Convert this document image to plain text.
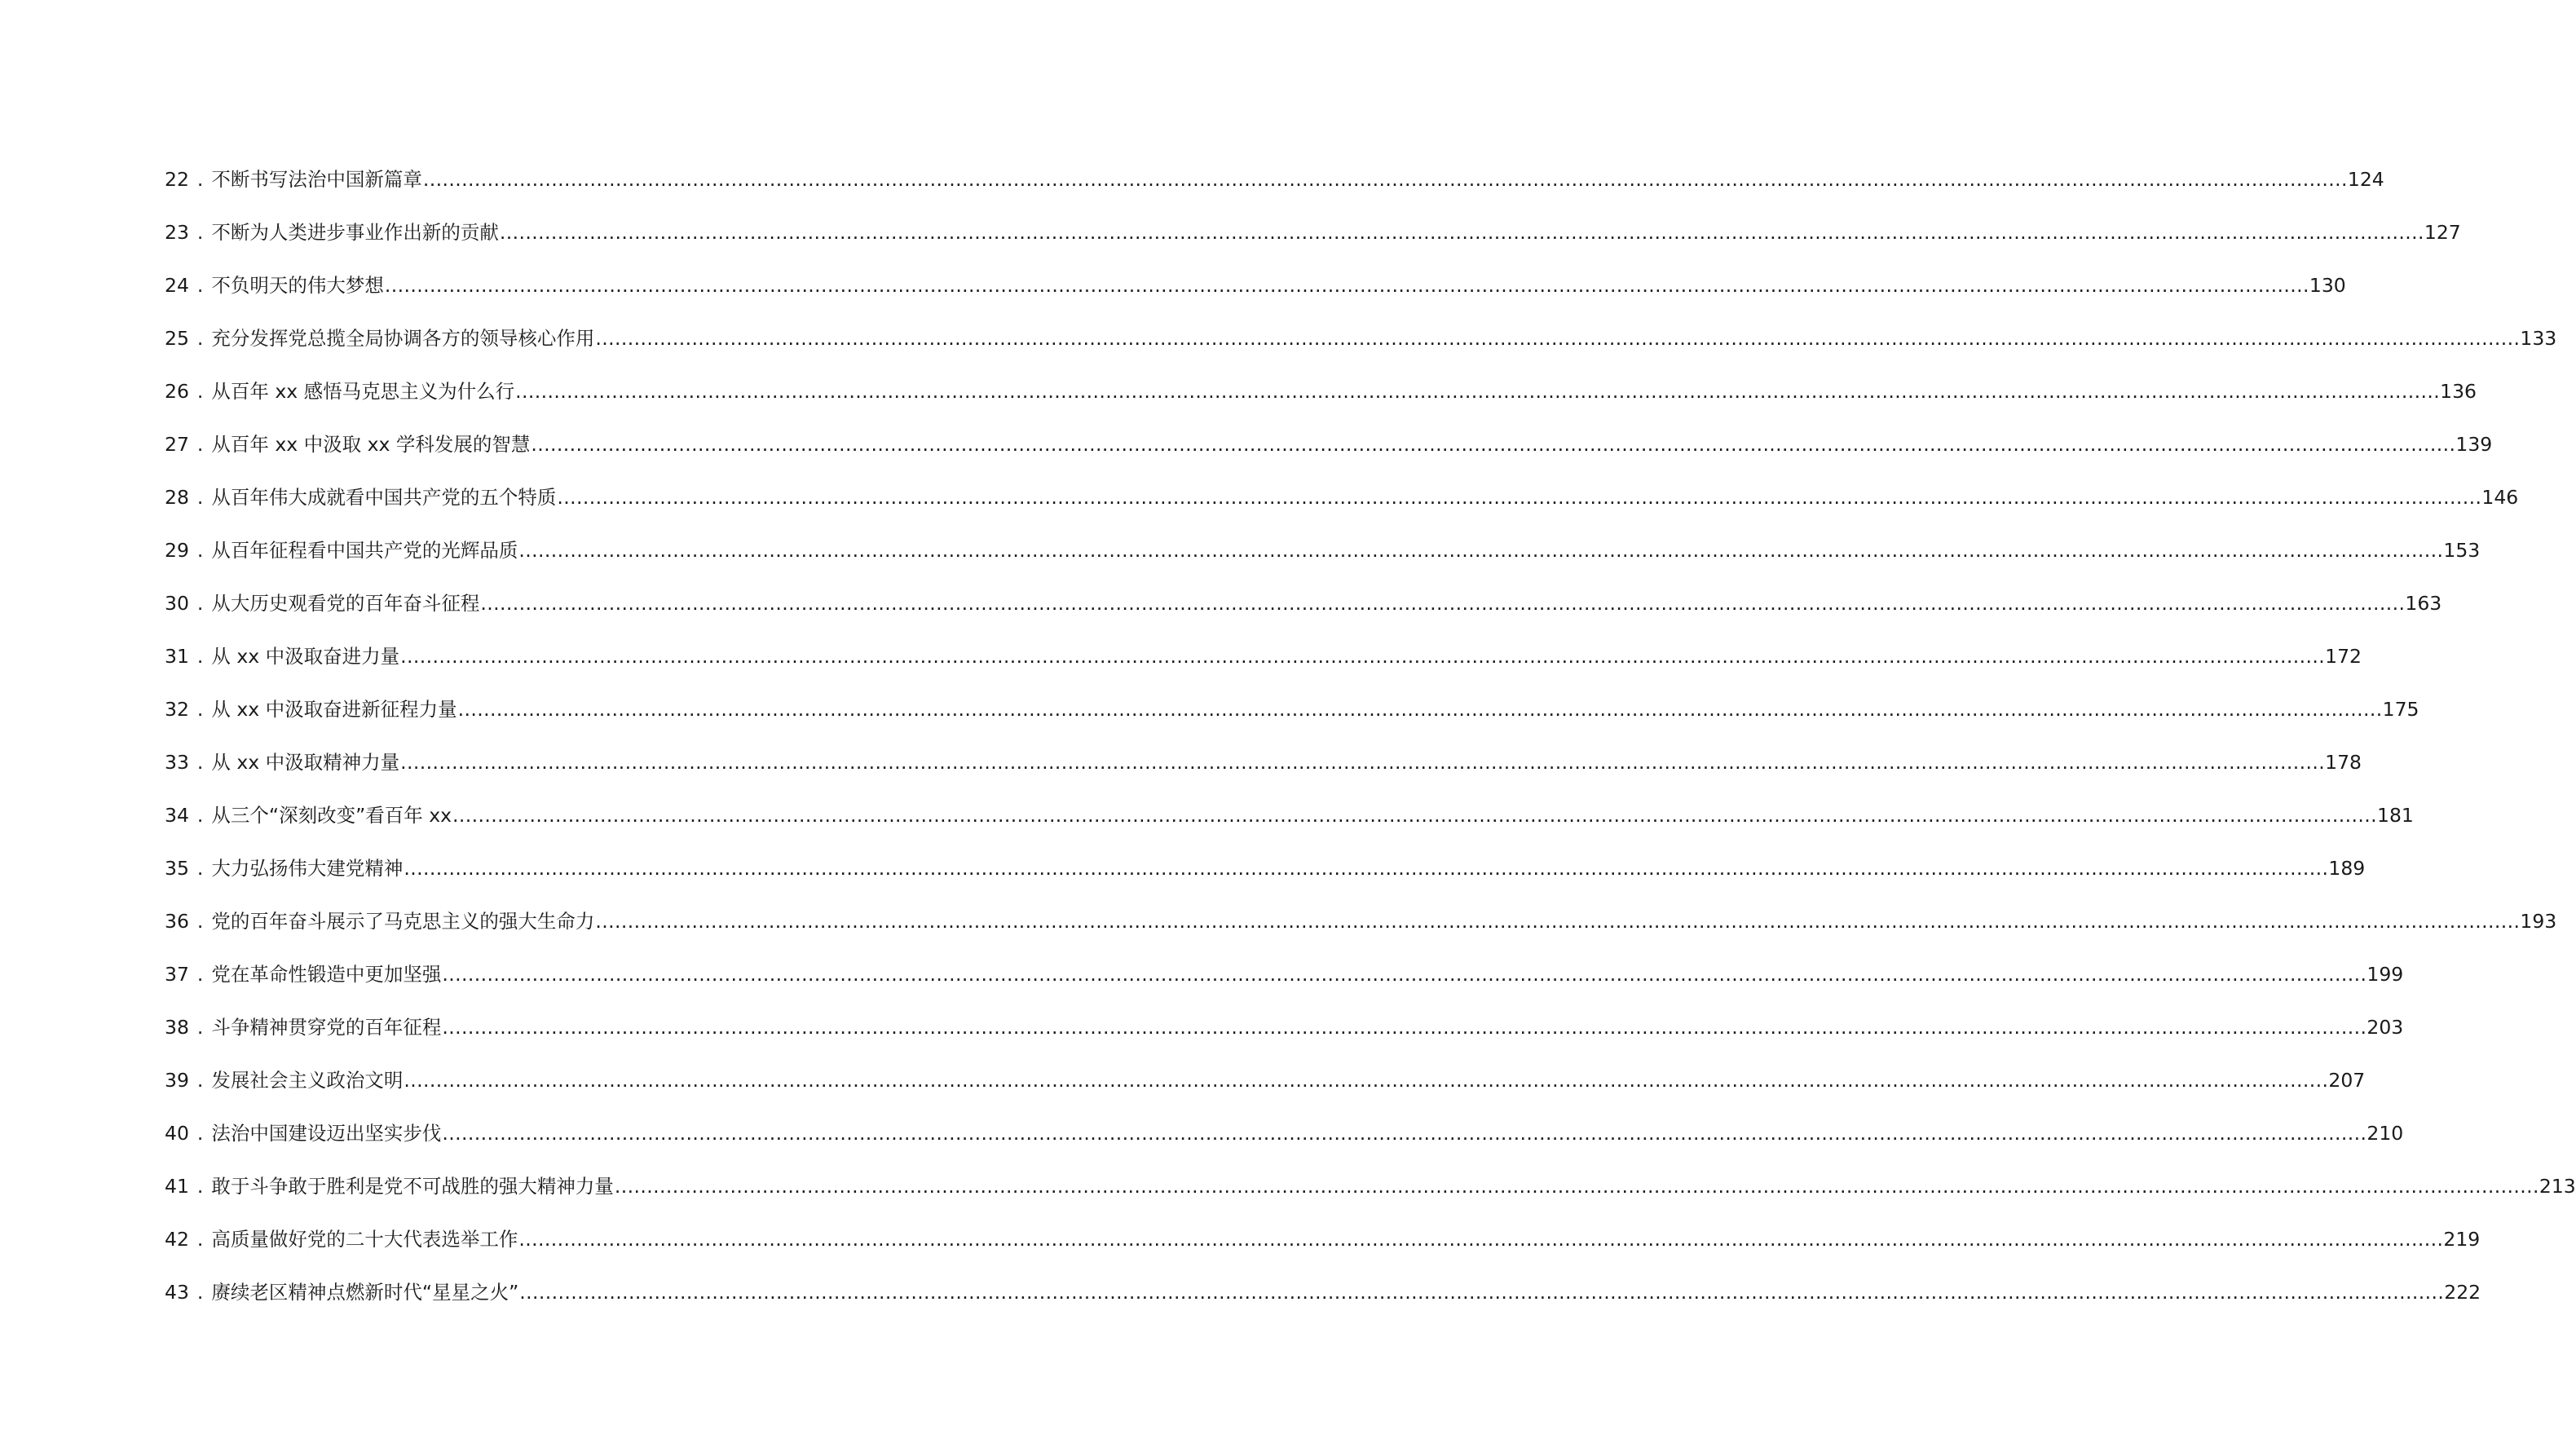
22 . 不断书写法治中国新篇章 ............................................................................................................................................................................................................................................................................................................ 124
23 . 不断为人类进步事业作出新的贡献 ............................................................................................................................................................................................................................................................................................................ 127
24 . 不负明天的伟大梦想 ............................................................................................................................................................................................................................................................................................................ 130
25 . 充分发挥党总揽全局协调各方的领导核心作用 ............................................................................................................................................................................................................................................................................................................ 133
26 . 从百年 xx 感悟马克思主义为什么行 ............................................................................................................................................................................................................................................................................................................ 136
27 . 从百年 xx 中汲取 xx 学科发展的智慧 ............................................................................................................................................................................................................................................................................................................ 139
28 . 从百年伟大成就看中国共产党的五个特质 ............................................................................................................................................................................................................................................................................................................ 146
29 . 从百年征程看中国共产党的光辉品质 ............................................................................................................................................................................................................................................................................................................ 153
30 . 从大历史观看党的百年奋斗征程 ............................................................................................................................................................................................................................................................................................................ 163
31 . 从 xx 中汲取奋进力量 ............................................................................................................................................................................................................................................................................................................ 172
32 . 从 xx 中汲取奋进新征程力量 ............................................................................................................................................................................................................................................................................................................ 175
33 . 从 xx 中汲取精神力量 ............................................................................................................................................................................................................................................................................................................ 178
34 . 从三个“深刻改变”看百年 xx ............................................................................................................................................................................................................................................................................................................ 181
35 . 大力弘扬伟大建党精神 ............................................................................................................................................................................................................................................................................................................ 189
36 . 党的百年奋斗展示了马克思主义的强大生命力 ............................................................................................................................................................................................................................................................................................................ 193
37 . 党在革命性锻造中更加坚强 ............................................................................................................................................................................................................................................................................................................ 199
38 . 斗争精神贯穿党的百年征程 ............................................................................................................................................................................................................................................................................................................ 203
39 . 发展社会主义政治文明 ............................................................................................................................................................................................................................................................................................................ 207
40 . 法治中国建设迈出坚实步伐 ............................................................................................................................................................................................................................................................................................................ 210
41 . 敢于斗争敢于胜利是党不可战胜的强大精神力量 ............................................................................................................................................................................................................................................................................................................ 213
42 . 高质量做好党的二十大代表选举工作 ............................................................................................................................................................................................................................................................................................................ 219
43 . 赓续老区精神点燃新时代“星星之火” ............................................................................................................................................................................................................................................................................................................ 222
